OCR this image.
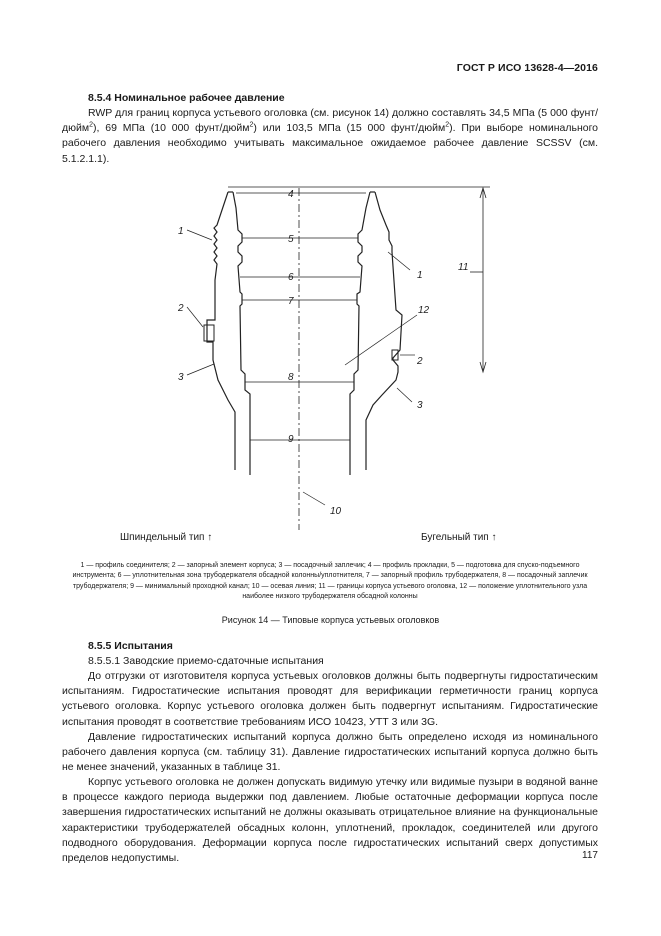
ГОСТ Р ИСО 13628-4—2016
8.5.4 Номинальное рабочее давление
RWP для границ корпуса устьевого оголовка (см. рисунок 14) должно составлять 34,5 МПа (5 000 фунт/дюйм$^2$), 69 МПа (10 000 фунт/дюйм$^2$) или 103,5 МПа (15 000 фунт/дюйм$^2$). При выборе номинального рабочего давления необходимо учитывать максимальное ожидаемое рабочее давление SCSSV (см. 5.1.2.1.1).
1
2
3
4
5
6
7
8
9
10
11
12
1
2
3
Шпиндельный тип ↑	Бугельный тип ↑
1 — профиль соединителя; 2 — запорный элемент корпуса; 3 — посадочный заплечик; 4 — профиль прокладки, 5 — подготовка для спуско-подъемного инструмента; 6 — уплотнительная зона трубодержателя обсадной колонны/уплотнителя, 7 — запорный профиль трубодержателя, 8 — посадочный заплечик трубодержателя; 9 — минимальный проходной канал; 10 — осевая линия; 11 — границы корпуса устьевого оголовка, 12 — положение уплотнительного узла наиболее низкого трубодержателя обсадной колонны
Рисунок 14 — Типовые корпуса устьевых оголовков
8.5.5 Испытания
8.5.5.1 Заводские приемо-сдаточные испытания
До отгрузки от изготовителя корпуса устьевых оголовков должны быть подвергнуты гидростатическим испытаниям. Гидростатические испытания проводят для верификации герметичности границ корпуса устьевого оголовка. Корпус устьевого оголовка должен быть подвергнут испытаниям. Гидростатические испытания проводят в соответствие требованиям ИСО 10423, УТТ 3 или 3G.
Давление гидростатических испытаний корпуса должно быть определено исходя из номинального рабочего давления корпуса (см. таблицу 31). Давление гидростатических испытаний корпуса должно быть не менее значений, указанных в таблице 31.
Корпус устьевого оголовка не должен допускать видимую утечку или видимые пузыри в водяной ванне в процессе каждого периода выдержки под давлением. Любые остаточные деформации корпуса после завершения гидростатических испытаний не должны оказывать отрицательное влияние на функциональные характеристики трубодержателей обсадных колонн, уплотнений, прокладок, соединителей или другого подводного оборудования. Деформации корпуса после гидростатических испытаний сверх допустимых пределов недопустимы.	117
